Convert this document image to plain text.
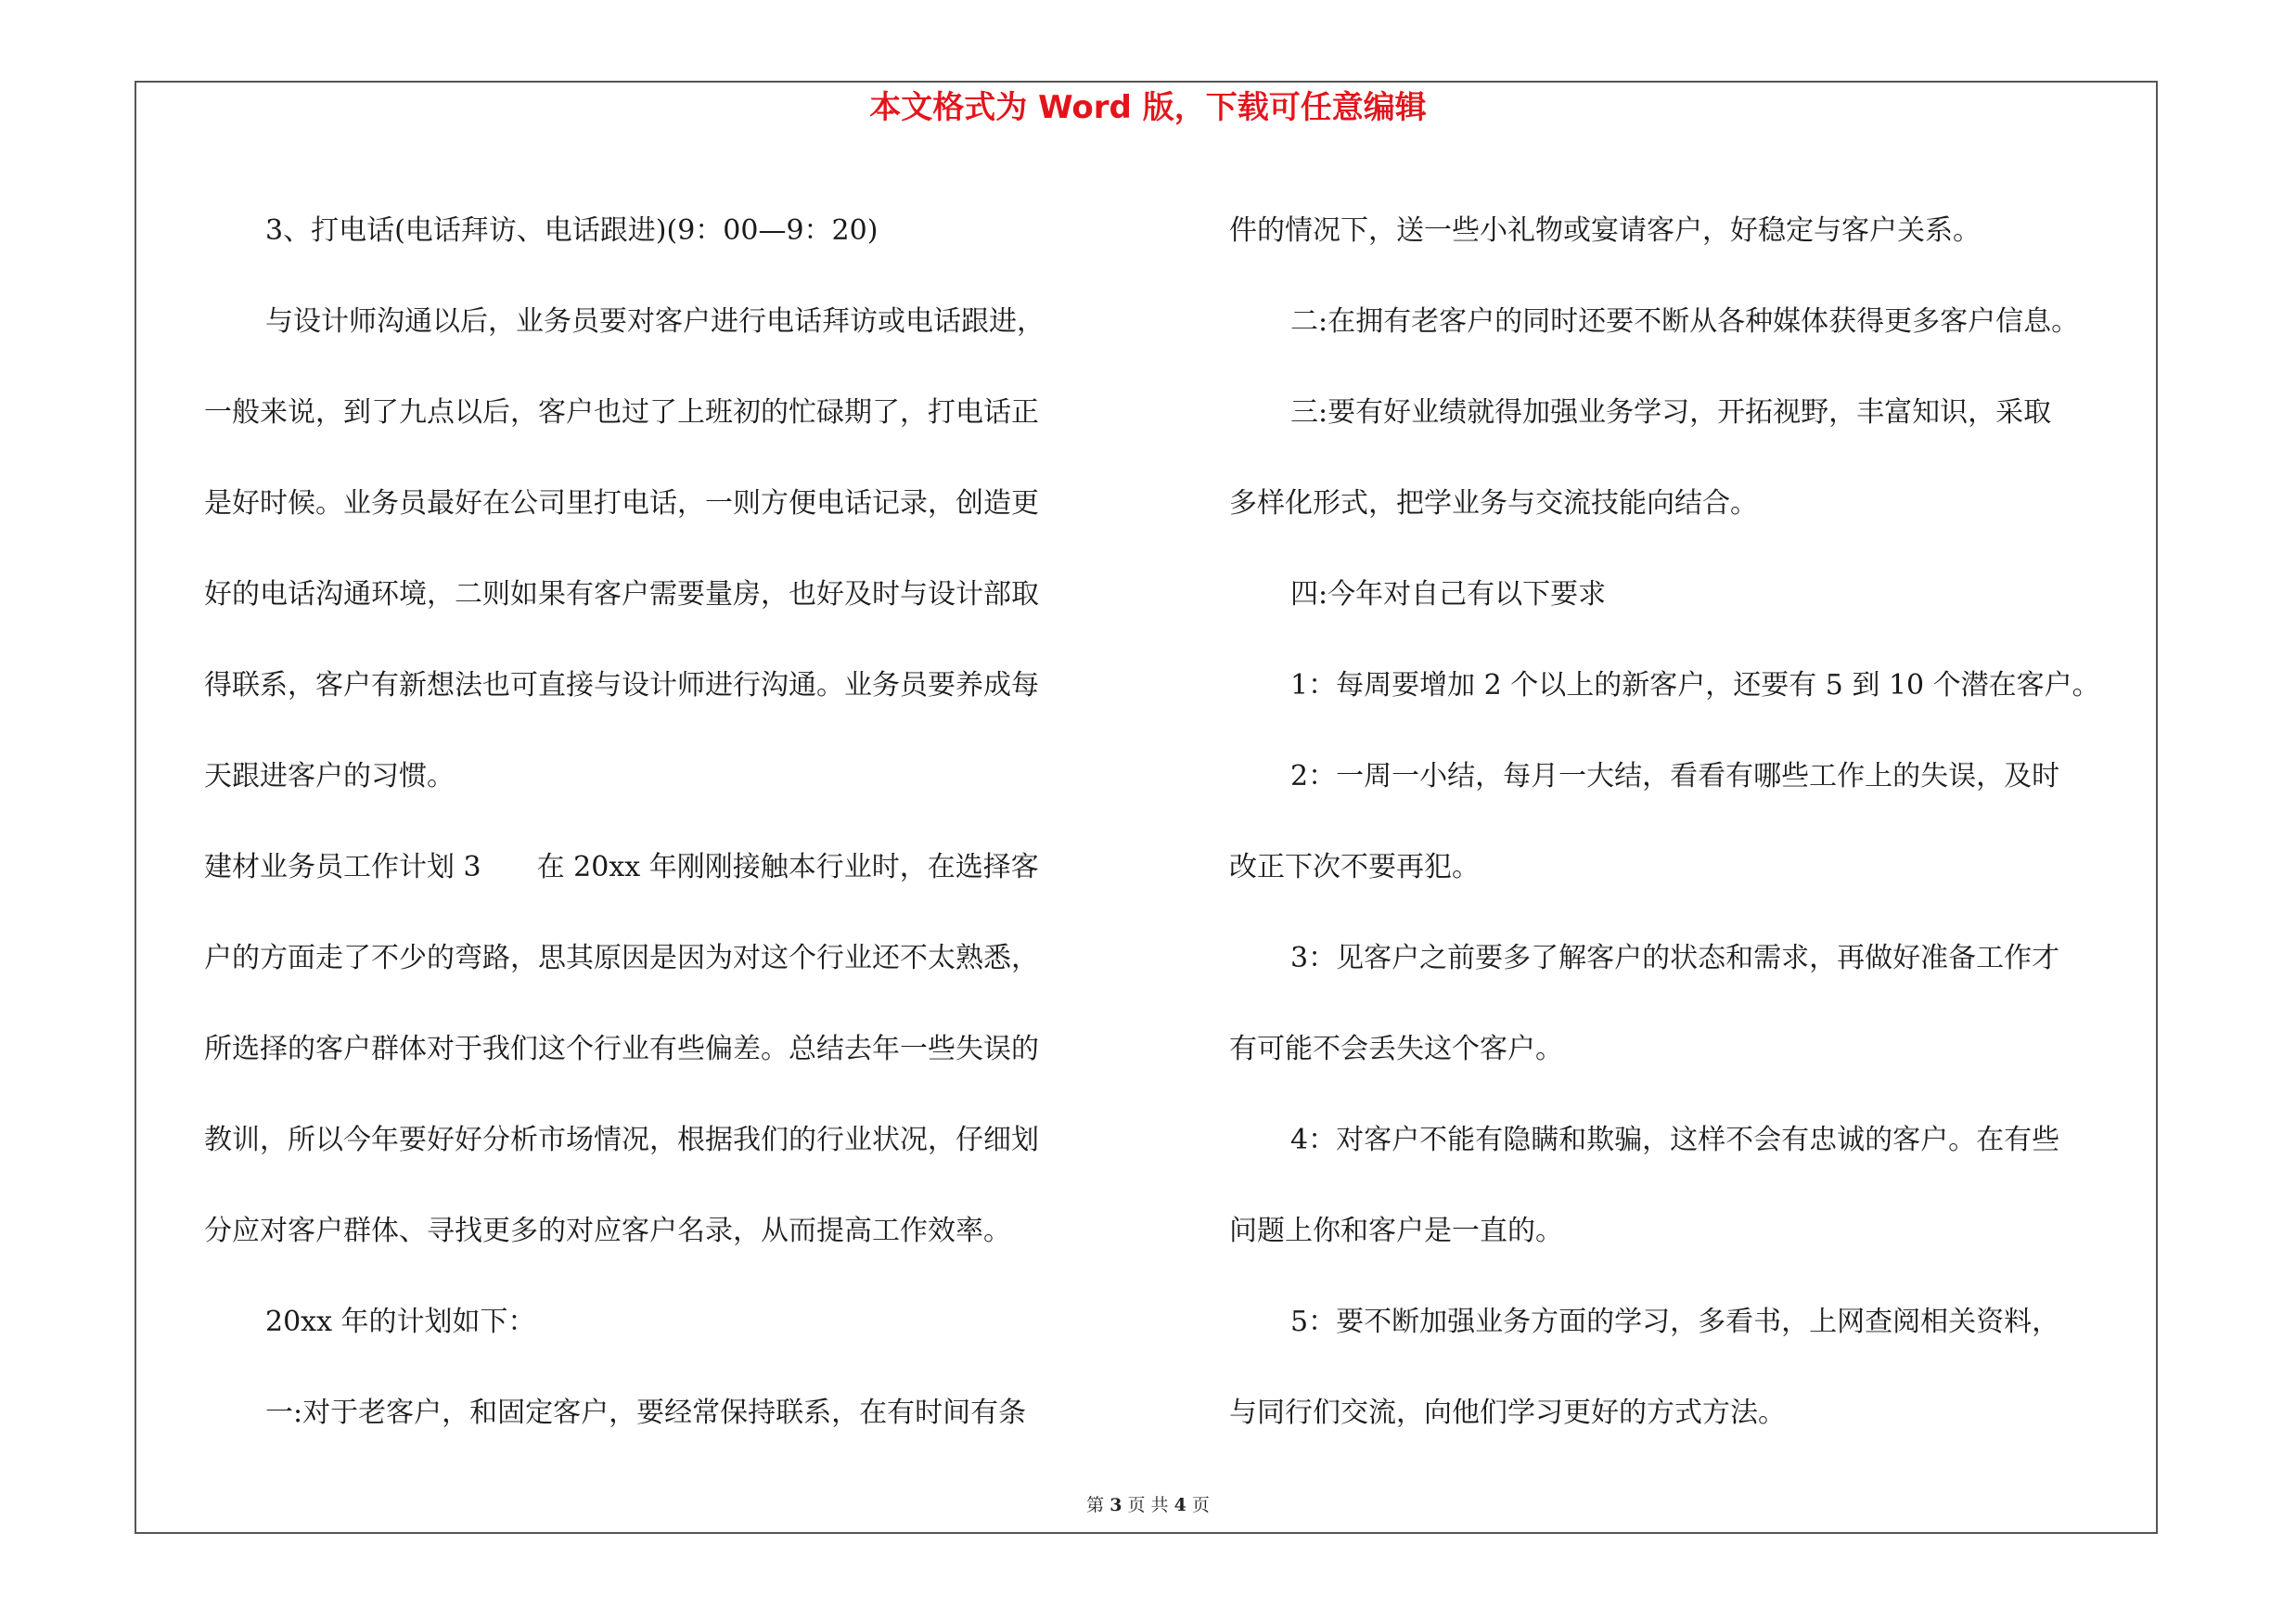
本文格式为 Word 版，下载可任意编辑
3、打电话(电话拜访、电话跟进)(9：00—9：20)
与设计师沟通以后，业务员要对客户进行电话拜访或电话跟进，
一般来说，到了九点以后，客户也过了上班初的忙碌期了，打电话正
是好时候。业务员最好在公司里打电话，一则方便电话记录，创造更
好的电话沟通环境，二则如果有客户需要量房，也好及时与设计部取
得联系，客户有新想法也可直接与设计师进行沟通。业务员要养成每
天跟进客户的习惯。
建材业务员工作计划 3　　在 20xx 年刚刚接触本行业时，在选择客
户的方面走了不少的弯路，思其原因是因为对这个行业还不太熟悉，
所选择的客户群体对于我们这个行业有些偏差。总结去年一些失误的
教训，所以今年要好好分析市场情况，根据我们的行业状况，仔细划
分应对客户群体、寻找更多的对应客户名录，从而提高工作效率。
20xx 年的计划如下：
一:对于老客户，和固定客户，要经常保持联系，在有时间有条
件的情况下，送一些小礼物或宴请客户，好稳定与客户关系。
二:在拥有老客户的同时还要不断从各种媒体获得更多客户信息。
三:要有好业绩就得加强业务学习，开拓视野，丰富知识，采取
多样化形式，把学业务与交流技能向结合。
四:今年对自己有以下要求
1：每周要增加 2 个以上的新客户，还要有 5 到 10 个潜在客户。
2：一周一小结，每月一大结，看看有哪些工作上的失误，及时
改正下次不要再犯。
3：见客户之前要多了解客户的状态和需求，再做好准备工作才
有可能不会丢失这个客户。
4：对客户不能有隐瞒和欺骗，这样不会有忠诚的客户。在有些
问题上你和客户是一直的。
5：要不断加强业务方面的学习，多看书，上网查阅相关资料，
与同行们交流，向他们学习更好的方式方法。
第 3 页 共 4 页
